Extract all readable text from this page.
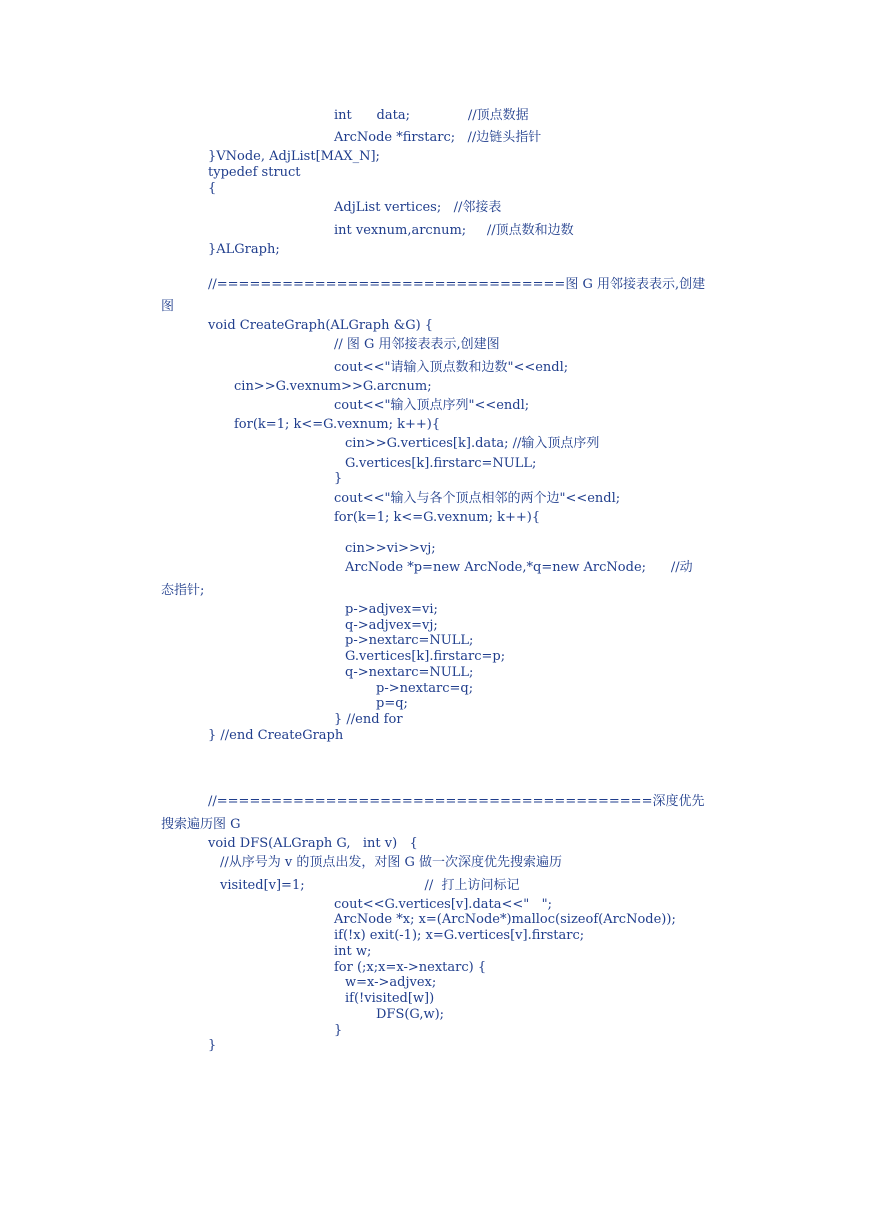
int      data;              //顶点数据
ArcNode *firstarc;   //边链头指针
}VNode, AdjList[MAX_N];
typedef struct
{
AdjList vertices;   //邻接表
int vexnum,arcnum;     //顶点数和边数
}ALGraph;
//================================图 G 用邻接表表示,创建
图
void CreateGraph(ALGraph &G) {
// 图 G 用邻接表表示,创建图
cout<<"请输入顶点数和边数"<<endl;
cin>>G.vexnum>>G.arcnum;
cout<<"输入顶点序列"<<endl;
for(k=1; k<=G.vexnum; k++){
cin>>G.vertices[k].data; //输入顶点序列
G.vertices[k].firstarc=NULL;
}
cout<<"输入与各个顶点相邻的两个边"<<endl;
for(k=1; k<=G.vexnum; k++){
cin>>vi>>vj;
ArcNode *p=new ArcNode,*q=new ArcNode;      //动
态指针;
p->adjvex=vi;
q->adjvex=vj;
p->nextarc=NULL;
G.vertices[k].firstarc=p;
q->nextarc=NULL;
p->nextarc=q;
p=q;
} //end for
} //end CreateGraph
//========================================深度优先
搜索遍历图 G
void DFS(ALGraph G,   int v)   {
//从序号为 v 的顶点出发，对图 G 做一次深度优先搜索遍历
visited[v]=1;                             //  打上访问标记
cout<<G.vertices[v].data<<"   ";
ArcNode *x; x=(ArcNode*)malloc(sizeof(ArcNode));
if(!x) exit(-1); x=G.vertices[v].firstarc;
int w;
for (;x;x=x->nextarc) {
w=x->adjvex;
if(!visited[w])
DFS(G,w);
}
}
